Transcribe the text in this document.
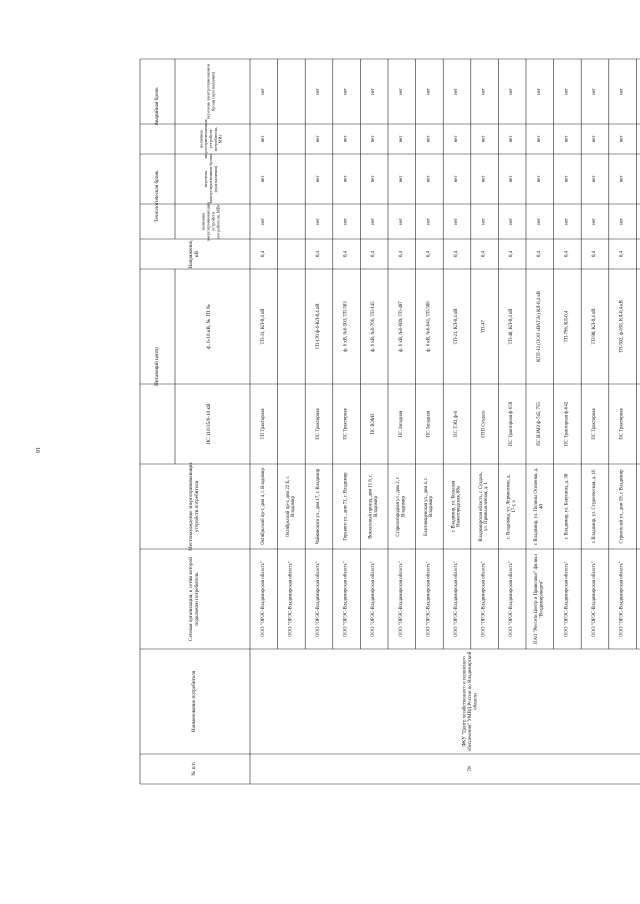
16
№ п/п
Наименование потребителя
Сетевая организация, к сетям которойподключен потребитель
Местонахождение энергопринимающихустройств потребителя
Питающий центр
ПС 110/35/6-10 кВ
ф. 6-10 кВ, № ТП №
Напряжение,кВ
Технологическая бронь	величинаэнергопринимающихустройствпотребителя, МВт
переченьэлектроприемников брони(при наличии)
Аварийная бронь
величинаэнергопринимающихустройствпотребителя,МВт
перечень электроприемниковброни (при наличии)
ООО "ОРЭС-Владимирская область"
Октябрьский пр-т, дом 4, г. Владимир
ТП Тракторная
ТП-31, КЛ-0,4 кВ
0,4
нет
нет
нет
нет
ООО "ОРЭС-Владимирская область"
Октябрьский пр-т, дом 22 Б, г.Владимир
ООО "ОРЭС-Владимирская область"
Чайковского ул., дом 17, г. Владимир
ПС Тракторная
ТП-170 ф-6-КЛ-0,4 кВ
0,4
нет
нет
нет
нет
ООО "ОРЭС-Владимирская область"
Горького ул., дом 71, г. Владимир
ПС Тракторная
ф. 6 кВ, №6-503, ТП-503
0,4
нет
нет
нет
нет
ООО "ОРЭС-Владимирская область"
Вокзальный проезд, дом 11 б, г.Владимир
ПС ВЭМЗ
ф. 6 кВ, №6-766, ТП-145
0,4
нет
нет
нет
нет
ООО "ОРЭС-Владимирская область"
Старозагородная ул., дом 2, г.Владимир
ПС Западная
ф. 6 кВ, №6-609, ТП-487
0,4
нет
нет
нет
нет
ООО "ОРЭС-Владимирская область"
Благовещенская ул., дом 4, г.Владимир
ПС Западная
ф. 6 кВ, №6-641, ТП-586
0,4
нет
нет
нет
нет
ООО "ОРЭС-Владимирская область"
г. Владимир, ул. БольшаяНижегородская, 88а
ПС ТЭЦ ф-8
ТП-23, КЛ-0,4 кВ
0,4
нет
нет
нет
нет
ООО "ОРЭС-Владимирская область"
Владимирская область, г. Суздаль,ул. Промышленная, д. 1
ГПП Суздаль
ТП-47
0,4
нет
нет
нет
нет
ООО "ОРЭС-Владимирская область"
г. Владимир, ул. Лермонтова, д.17-г, а
ПС Тракторная ф-659
ТП-40, КЛ-0,4 кВ
0,4
нет
нет
нет
нет
ПАО "Россети Центр и Приволжье" филиал"Владимирэнерго"
г. Владимир, ул. Полины Осипенко, д.40
ПС ВЭМЗ ф-745, 755
КТП-12 (ООО «ВАТЭ») КЛ-0,4 кВ
0,4
нет
нет
нет
нет
ООО "ОРЭС-Владимирская область"
г. Владимир, ул. Бакунина, д. 30
ПС Тракторная ф-642
ТП-796, КЛ-0,4
0,4
нет
нет
нет
нет
ООО "ОРЭС-Владимирская область"
г. Владимир, ул. Студенческая, д. 16
ПС Тракторная
ТП-90, КЛ-0,4 кВ
0,4
нет
нет
нет
нет
ООО "ОРЭС-Владимирская область"
Строителей ул., дом 19, г. Владимир
ПС Тракторная
ТП-502, ф-658, КЛ-0,4 кВ
0,4
нет
нет
нет
нет
78
ФКУ "Центр хозяйственного и сервисногообеспечения" УМВД России по Владимирскойобласти
